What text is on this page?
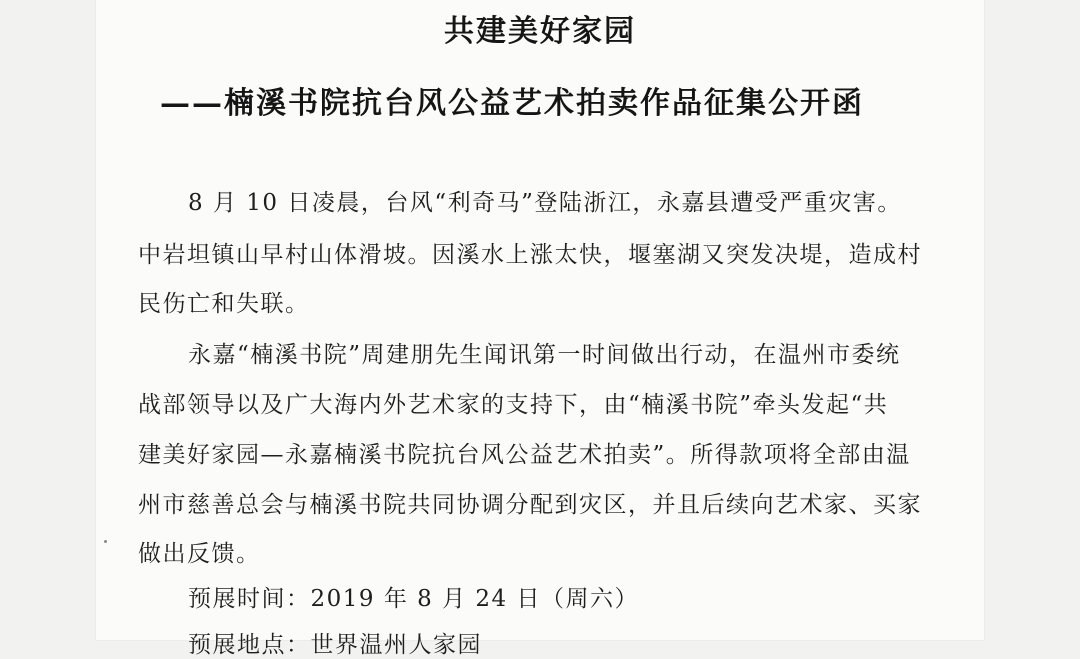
共建美好家园
——楠溪书院抗台风公益艺术拍卖作品征集公开函
8 月 10 日凌晨，台风“利奇马”登陆浙江，永嘉县遭受严重灾害。
中岩坦镇山早村山体滑坡。因溪水上涨太快，堰塞湖又突发决堤，造成村
民伤亡和失联。
永嘉“楠溪书院”周建朋先生闻讯第一时间做出行动，在温州市委统
战部领导以及广大海内外艺术家的支持下，由“楠溪书院”牵头发起“共
建美好家园—永嘉楠溪书院抗台风公益艺术拍卖”。所得款项将全部由温
州市慈善总会与楠溪书院共同协调分配到灾区，并且后续向艺术家、买家
做出反馈。
预展时间：2019 年 8 月 24 日（周六）
预展地点：世界温州人家园
